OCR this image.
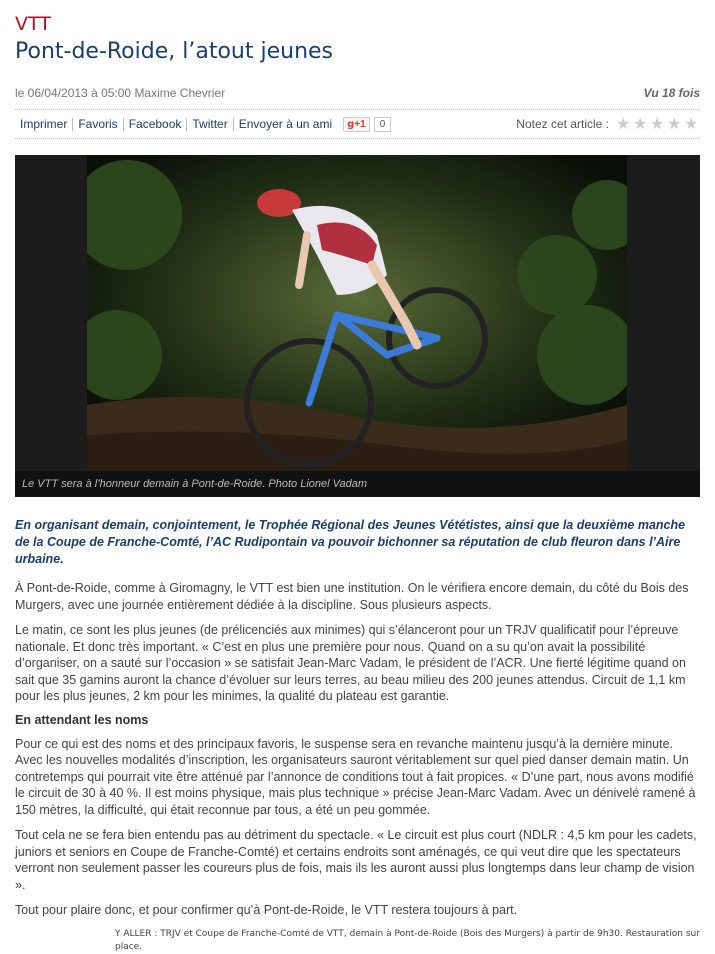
VTT
Pont-de-Roide, l’atout jeunes
le 06/04/2013 à 05:00 Maxime Chevrier	Vu 18 fois
Imprimer Favoris Facebook Twitter Envoyer à un ami	g+1	0	Notez cet article : ★ ★ ★ ★ ★
Le VTT sera à l’honneur demain à Pont-de-Roide. Photo Lionel Vadam
En organisant demain, conjointement, le Trophée Régional des Jeunes Vététistes, ainsi que la deuxième manche de la Coupe de Franche-Comté, l’AC Rudipontain va pouvoir bichonner sa réputation de club fleuron dans l’Aire urbaine.

À Pont-de-Roide, comme à Giromagny, le VTT est bien une institution. On le vérifiera encore demain, du côté du Bois des Murgers, avec une journée entièrement dédiée à la discipline. Sous plusieurs aspects.

Le matin, ce sont les plus jeunes (de prélicenciés aux minimes) qui s’élanceront pour un TRJV qualificatif pour l’épreuve nationale. Et donc très important. « C’est en plus une première pour nous. Quand on a su qu’on avait la possibilité d’organiser, on a sauté sur l’occasion » se satisfait Jean-Marc Vadam, le président de l’ACR. Une fierté légitime quand on sait que 35 gamins auront la chance d’évoluer sur leurs terres, au beau milieu des 200 jeunes attendus. Circuit de 1,1 km pour les plus jeunes, 2 km pour les minimes, la qualité du plateau est garantie.

En attendant les noms

Pour ce qui est des noms et des principaux favoris, le suspense sera en revanche maintenu jusqu’à la dernière minute. Avec les nouvelles modalités d’inscription, les organisateurs sauront véritablement sur quel pied danser demain matin. Un contretemps qui pourrait vite être atténué par l’annonce de conditions tout à fait propices. « D’une part, nous avons modifié le circuit de 30 à 40 %. Il est moins physique, mais plus technique » précise Jean-Marc Vadam. Avec un dénivelé ramené à 150 mètres, la difficulté, qui était reconnue par tous, a été un peu gommée.

Tout cela ne se fera bien entendu pas au détriment du spectacle. « Le circuit est plus court (NDLR : 4,5 km pour les cadets, juniors et seniors en Coupe de Franche-Comté) et certains endroits sont aménagés, ce qui veut dire que les spectateurs verront non seulement passer les coureurs plus de fois, mais ils les auront aussi plus longtemps dans leur champ de vision ».

Tout pour plaire donc, et pour confirmer qu’à Pont-de-Roide, le VTT restera toujours à part.

Y ALLER : TRJV et Coupe de Franche-Comté de VTT, demain à Pont-de-Roide (Bois des Murgers) à partir de 9h30. Restauration sur place.
